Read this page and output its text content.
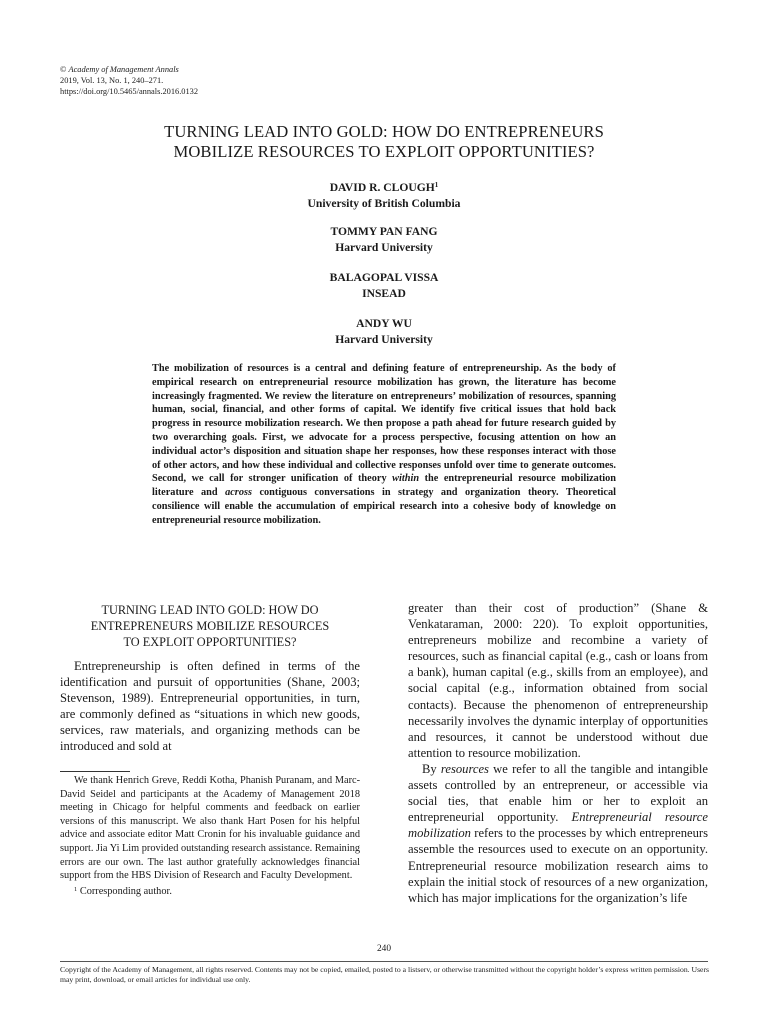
© Academy of Management Annals
2019, Vol. 13, No. 1, 240–271.
https://doi.org/10.5465/annals.2016.0132
TURNING LEAD INTO GOLD: HOW DO ENTREPRENEURS
MOBILIZE RESOURCES TO EXPLOIT OPPORTUNITIES?
DAVID R. CLOUGH$^1$
University of British Columbia
TOMMY PAN FANG
Harvard University
BALAGOPAL VISSA
INSEAD
ANDY WU
Harvard University

The mobilization of resources is a central and defining feature of entrepreneurship. As the body of empirical research on entrepreneurial resource mobilization has grown, the literature has become increasingly fragmented. We review the literature on entrepreneurs’ mobilization of resources, spanning human, social, financial, and other forms of capital. We identify five critical issues that hold back progress in resource mobilization research. We then propose a path ahead for future research guided by two overarching goals. First, we advocate for a process perspective, focusing attention on how an individual actor’s disposition and situation shape her responses, how these responses interact with those of other actors, and how these individual and collective responses unfold over time to generate outcomes. Second, we call for stronger unification of theory within the entrepreneurial resource mobilization literature and across contiguous conversations in strategy and organization theory. Theoretical consilience will enable the accumulation of empirical research into a cohesive body of knowledge on entrepreneurial resource mobilization.

TURNING LEAD INTO GOLD: HOW DO
ENTREPRENEURS MOBILIZE RESOURCES
TO EXPLOIT OPPORTUNITIES?

Entrepreneurship is often defined in terms of the identification and pursuit of opportunities (Shane, 2003; Stevenson, 1989). Entrepreneurial opportunities, in turn, are commonly defined as “situations in which new goods, services, raw materials, and organizing methods can be introduced and sold at

We thank Henrich Greve, Reddi Kotha, Phanish Puranam, and Marc-David Seidel and participants at the Academy of Management 2018 meeting in Chicago for helpful comments and feedback on earlier versions of this manuscript. We also thank Hart Posen for his helpful advice and associate editor Matt Cronin for his invaluable guidance and support. Jia Yi Lim provided outstanding research assistance. Remaining errors are our own. The last author gratefully acknowledges financial support from the HBS Division of Research and Faculty Development.

$^1$ Corresponding author.

greater than their cost of production” (Shane & Venkataraman, 2000: 220). To exploit opportunities, entrepreneurs mobilize and recombine a variety of resources, such as financial capital (e.g., cash or loans from a bank), human capital (e.g., skills from an employee), and social capital (e.g., information obtained from social contacts). Because the phenomenon of entrepreneurship necessarily involves the dynamic interplay of opportunities and resources, it cannot be understood without due attention to resource mobilization.

By resources we refer to all the tangible and intangible assets controlled by an entrepreneur, or accessible via social ties, that enable him or her to exploit an entrepreneurial opportunity. Entrepreneurial resource mobilization refers to the processes by which entrepreneurs assemble the resources used to execute on an opportunity. Entrepreneurial resource mobilization research aims to explain the initial stock of resources of a new organization, which has major implications for the organization’s life

240
Copyright of the Academy of Management, all rights reserved. Contents may not be copied, emailed, posted to a listserv, or otherwise transmitted without the copyright holder’s express written permission. Users may print, download, or email articles for individual use only.
